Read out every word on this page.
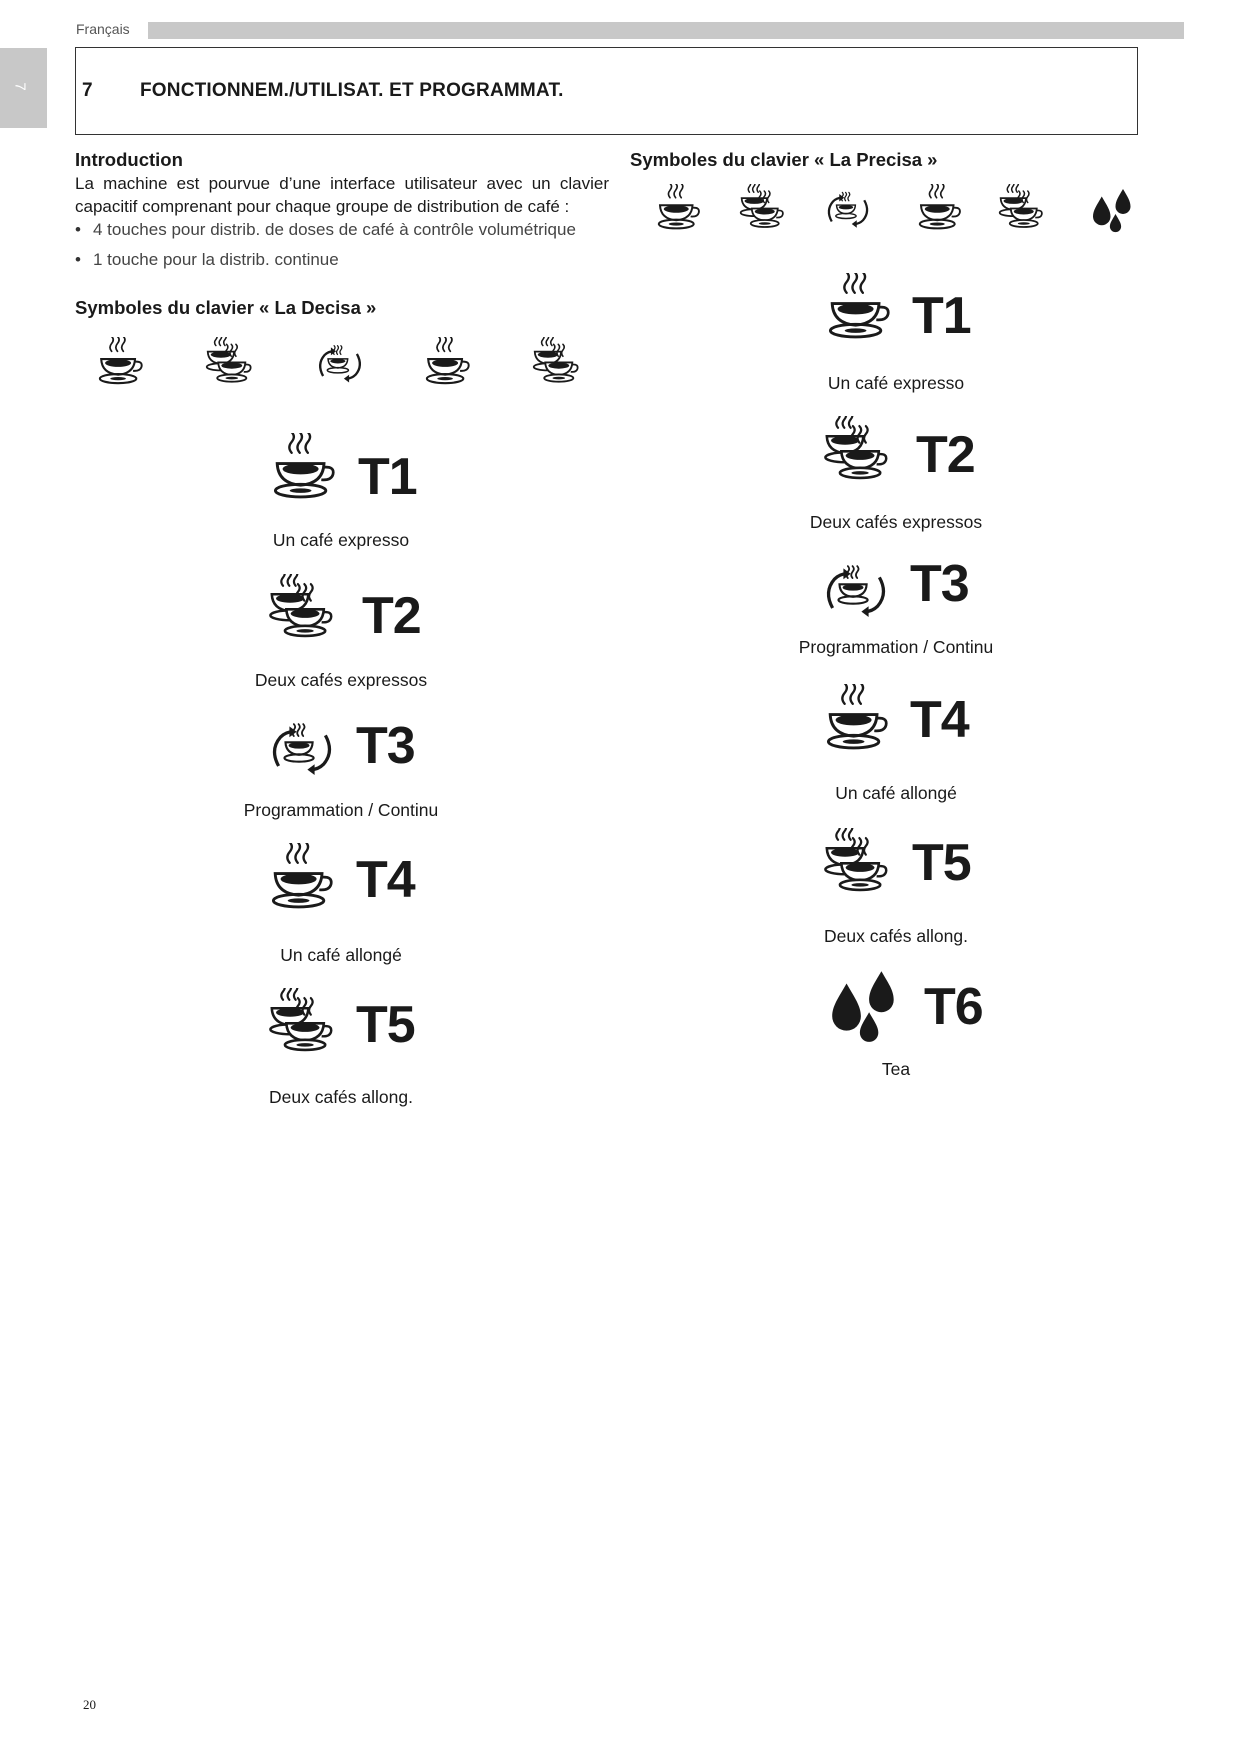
Français
7	7 FONCTIONNEM./UTILISAT. ET PROGRAMMAT.
Introduction
La machine est pourvue d’une interface utilisateur avec un clavier capacitif comprenant pour chaque groupe de distribution de café :
• 4 touches pour distrib. de doses de café à contrôle volumétrique
• 1 touche pour la distrib. continue
Symboles du clavier « La Decisa »
T1
Un café expresso
T2
Deux cafés expressos
T3
Programmation / Continu
T4
Un café allongé
T5
Deux cafés allong.
Symboles du clavier « La Precisa »
T1
Un café expresso
T2
Deux cafés expressos
T3
Programmation / Continu
T4
Un café allongé
T5
Deux cafés allong.
T6
Tea
20
